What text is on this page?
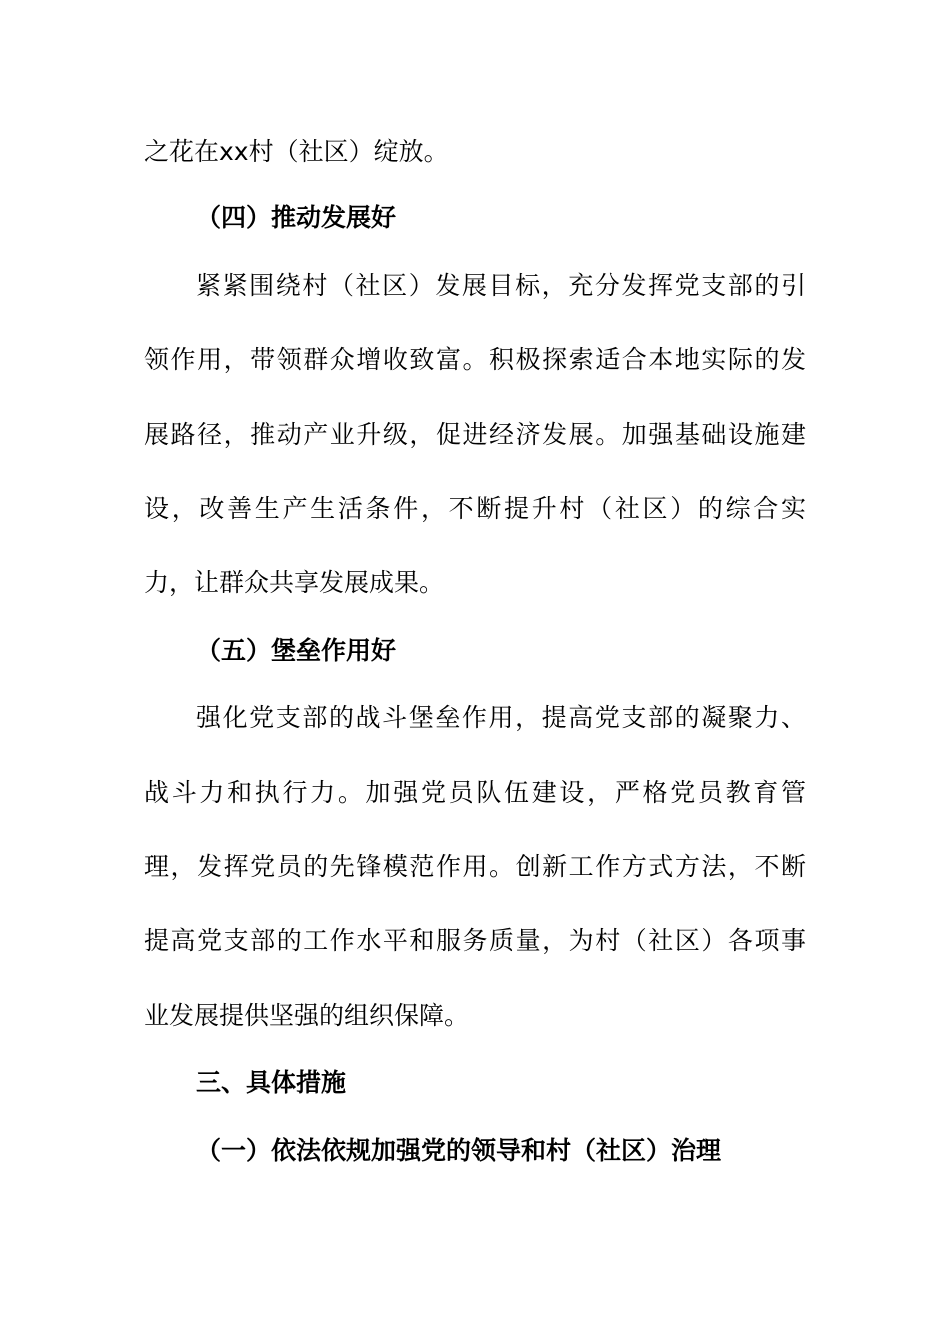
之花在xx村（社区）绽放。
（四）推动发展好
紧紧围绕村（社区）发展目标，充分发挥党支部的引
领作用，带领群众增收致富。积极探索适合本地实际的发
展路径，推动产业升级，促进经济发展。加强基础设施建
设，改善生产生活条件，不断提升村（社区）的综合实
力，让群众共享发展成果。
（五）堡垒作用好
强化党支部的战斗堡垒作用，提高党支部的凝聚力、
战斗力和执行力。加强党员队伍建设，严格党员教育管
理，发挥党员的先锋模范作用。创新工作方式方法，不断
提高党支部的工作水平和服务质量，为村（社区）各项事
业发展提供坚强的组织保障。
三、具体措施
（一）依法依规加强党的领导和村（社区）治理
